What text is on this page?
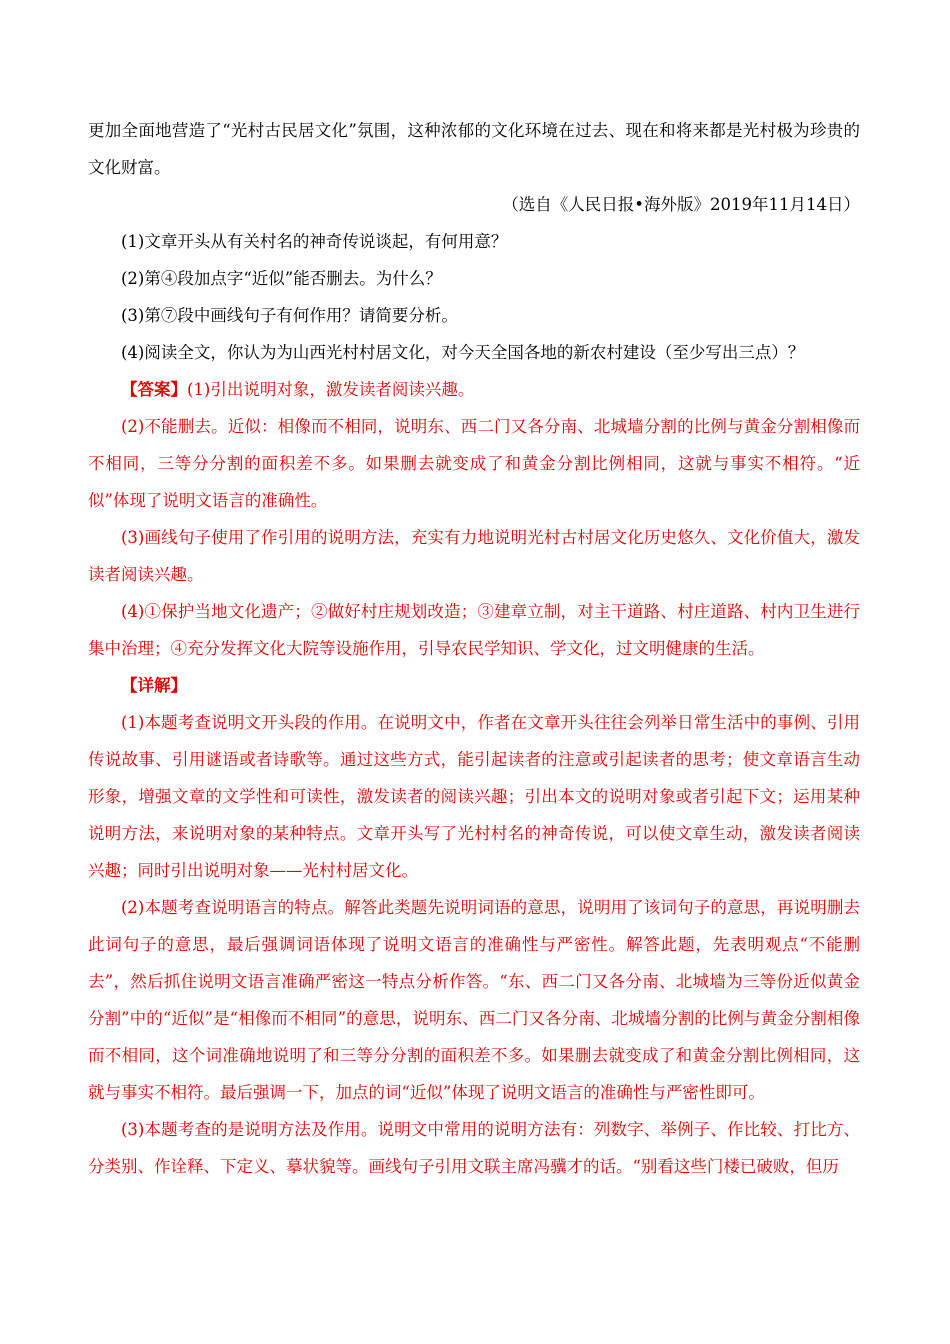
更加全面地营造了“光村古民居文化”氛围，这种浓郁的文化环境在过去、现在和将来都是光村极为珍贵的文化财富。

（选自《人民日报•海外版》2019年11月14日）

(1)文章开头从有关村名的神奇传说谈起，有何用意？

(2)第④段加点字“近似”能否删去。为什么？

(3)第⑦段中画线句子有何作用？请简要分析。

(4)阅读全文，你认为为山西光村村居文化，对今天全国各地的新农村建设（至少写出三点）？

【答案】(1)引出说明对象，激发读者阅读兴趣。

(2)不能删去。近似：相像而不相同，说明东、西二门又各分南、北城墙分割的比例与黄金分割相像而不相同，三等分分割的面积差不多。如果删去就变成了和黄金分割比例相同，这就与事实不相符。“近似”体现了说明文语言的准确性。

(3)画线句子使用了作引用的说明方法，充实有力地说明光村古村居文化历史悠久、文化价值大，激发读者阅读兴趣。

(4)①保护当地文化遗产；②做好村庄规划改造；③建章立制，对主干道路、村庄道路、村内卫生进行集中治理；④充分发挥文化大院等设施作用，引导农民学知识、学文化，过文明健康的生活。

【详解】

(1)本题考查说明文开头段的作用。在说明文中，作者在文章开头往往会列举日常生活中的事例、引用传说故事、引用谜语或者诗歌等。通过这些方式，能引起读者的注意或引起读者的思考；使文章语言生动形象，增强文章的文学性和可读性，激发读者的阅读兴趣；引出本文的说明对象或者引起下文；运用某种说明方法，来说明对象的某种特点。文章开头写了光村村名的神奇传说，可以使文章生动，激发读者阅读兴趣；同时引出说明对象——光村村居文化。

(2)本题考查说明语言的特点。解答此类题先说明词语的意思，说明用了该词句子的意思，再说明删去此词句子的意思，最后强调词语体现了说明文语言的准确性与严密性。解答此题，先表明观点“不能删去”，然后抓住说明文语言准确严密这一特点分析作答。“东、西二门又各分南、北城墙为三等份近似黄金分割”中的“近似”是“相像而不相同”的意思，说明东、西二门又各分南、北城墙分割的比例与黄金分割相像而不相同，这个词准确地说明了和三等分分割的面积差不多。如果删去就变成了和黄金分割比例相同，这就与事实不相符。最后强调一下，加点的词“近似”体现了说明文语言的准确性与严密性即可。

(3)本题考查的是说明方法及作用。说明文中常用的说明方法有：列数字、举例子、作比较、打比方、分类别、作诠释、下定义、摹状貌等。画线句子引用文联主席冯骥才的话。“别看这些门楼已破败，但历
